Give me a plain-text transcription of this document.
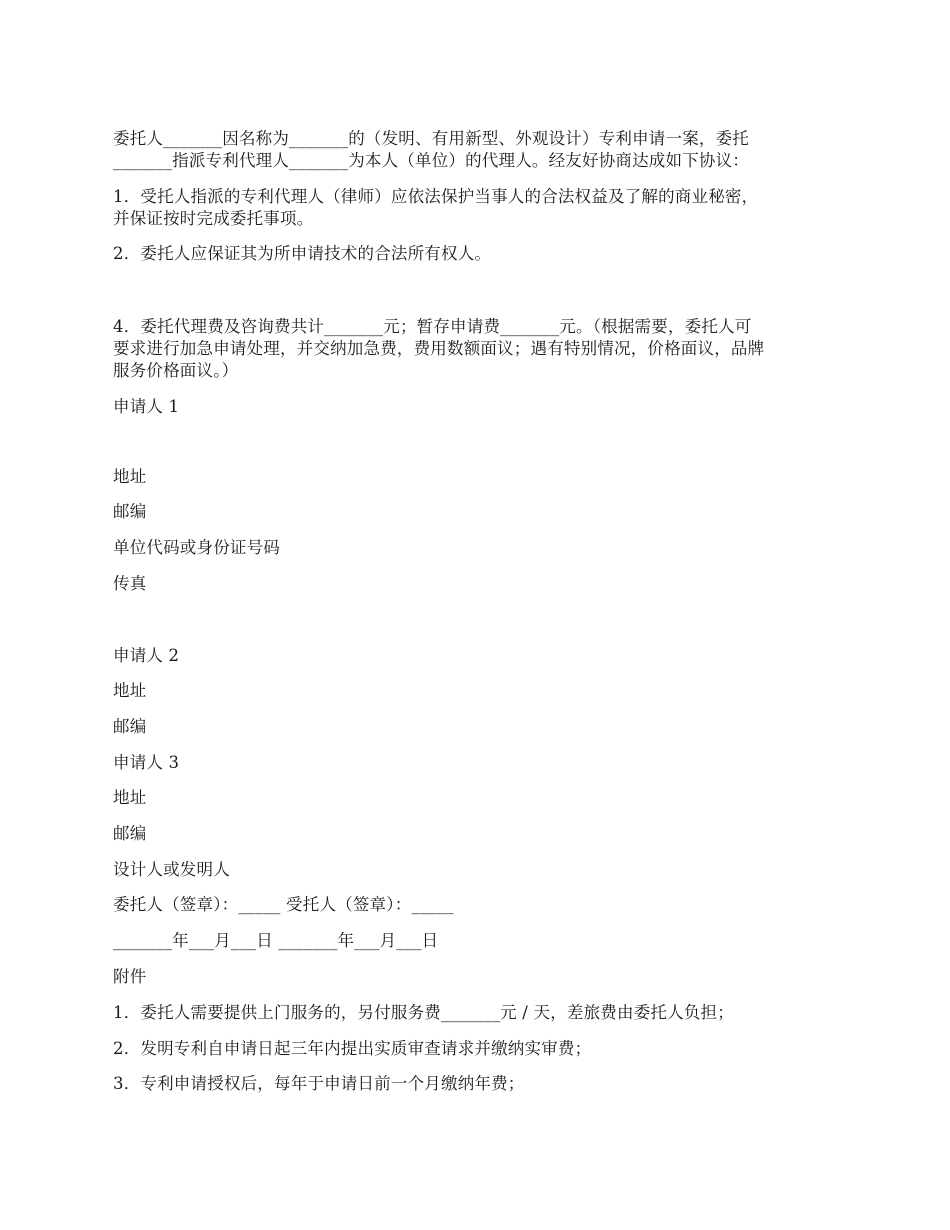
委托人_______因名称为_______的（发明、有用新型、外观设计）专利申请一案，委托
_______指派专利代理人_______为本人（单位）的代理人。经友好协商达成如下协议：
1．受托人指派的专利代理人（律师）应依法保护当事人的合法权益及了解的商业秘密，
并保证按时完成委托事项。
2．委托人应保证其为所申请技术的合法所有权人。
4．委托代理费及咨询费共计_______元；暂存申请费_______元。（根据需要，委托人可
要求进行加急申请处理，并交纳加急费，费用数额面议；遇有特别情况，价格面议，品牌
服务价格面议。）
申请人 1
地址
邮编
单位代码或身份证号码
传真
申请人 2
地址
邮编
申请人 3
地址
邮编
设计人或发明人
委托人（签章）：_____ 受托人（签章）：_____
_______年___月___日 _______年___月___日
附件
1．委托人需要提供上门服务的，另付服务费_______元 / 天，差旅费由委托人负担；
2．发明专利自申请日起三年内提出实质审查请求并缴纳实审费；
3．专利申请授权后，每年于申请日前一个月缴纳年费；
